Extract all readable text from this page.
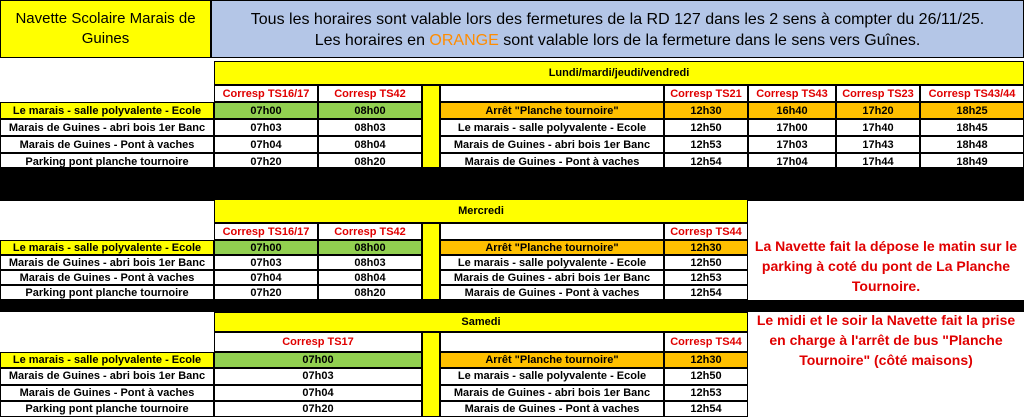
Navette Scolaire Marais de Guines
Tous les horaires sont valable lors des fermetures de la RD 127 dans les 2 sens à compter du 26/11/25.
Les horaires en ORANGE sont valable lors de la fermeture dans le sens vers Guînes.
Lundi/mardi/jeudi/vendredi
Corresp TS16/17	Corresp TS42	Corresp TS21	Corresp TS43	Corresp TS23	Corresp TS43/44
Le marais - salle polyvalente - Ecole	07h00	08h00	Arrêt "Planche tournoire"	12h30	16h40	17h20	18h25
Marais de Guines - abri bois 1er Banc	07h03	08h03	Le marais - salle polyvalente - Ecole	12h50	17h00	17h40	18h45
Marais de Guines - Pont à vaches	07h04	08h04	Marais de Guines - abri bois 1er Banc	12h53	17h03	17h43	18h48
Parking pont planche tournoire	07h20	08h20	Marais de Guines - Pont à vaches	12h54	17h04	17h44	18h49
Mercredi
Corresp TS16/17	Corresp TS42	Corresp TS44
Le marais - salle polyvalente - Ecole	07h00	08h00	Arrêt "Planche tournoire"	12h30
Marais de Guines - abri bois 1er Banc	07h03	08h03	Le marais - salle polyvalente - Ecole	12h50
Marais de Guines - Pont à vaches	07h04	08h04	Marais de Guines - abri bois 1er Banc	12h53
Parking pont planche tournoire	07h20	08h20	Marais de Guines - Pont à vaches	12h54
Samedi
Corresp TS17	Corresp TS44
Le marais - salle polyvalente - Ecole	07h00	Arrêt "Planche tournoire"	12h30
Marais de Guines - abri bois 1er Banc	07h03	Le marais - salle polyvalente - Ecole	12h50
Marais de Guines - Pont à vaches	07h04	Marais de Guines - abri bois 1er Banc	12h53
Parking pont planche tournoire	07h20	Marais de Guines - Pont à vaches	12h54

La Navette fait la dépose le matin sur le parking à coté du pont de La Planche Tournoire.

Le midi et le soir la Navette fait la prise en charge à l'arrêt de bus "Planche Tournoire" (côté maisons)
